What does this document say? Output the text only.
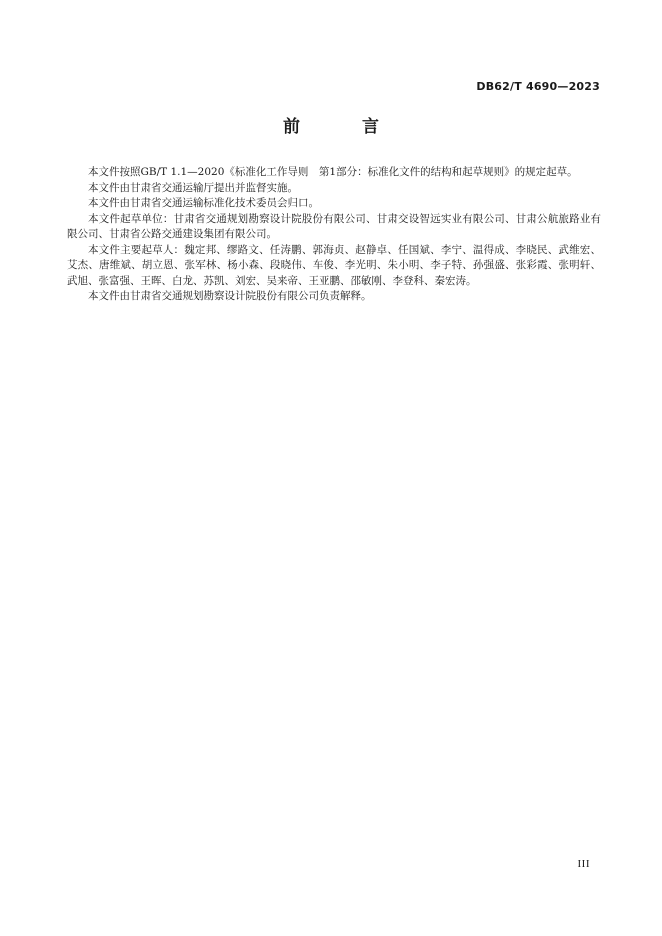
DB62/T 4690—2023
前 言

本文件按照GB/T 1.1—2020《标准化工作导则　第1部分：标准化文件的结构和起草规则》的规定起草。

本文件由甘肃省交通运输厅提出并监督实施。

本文件由甘肃省交通运输标准化技术委员会归口。

本文件起草单位：甘肃省交通规划勘察设计院股份有限公司、甘肃交设智远实业有限公司、甘肃公航旅路业有限公司、甘肃省公路交通建设集团有限公司。

本文件主要起草人：魏定邦、缪路文、任涛鹏、郭海贞、赵静卓、任国斌、李宁、温得成、李晓民、武维宏、艾杰、唐维斌、胡立恩、张军林、杨小森、段晓伟、车俊、李光明、朱小明、李子特、孙强盛、张彩霞、张明轩、武旭、张富强、王晖、白龙、苏凯、刘宏、吴来帝、王亚鹏、邵敏刚、李登科、秦宏涛。

本文件由甘肃省交通规划勘察设计院股份有限公司负责解释。

III
